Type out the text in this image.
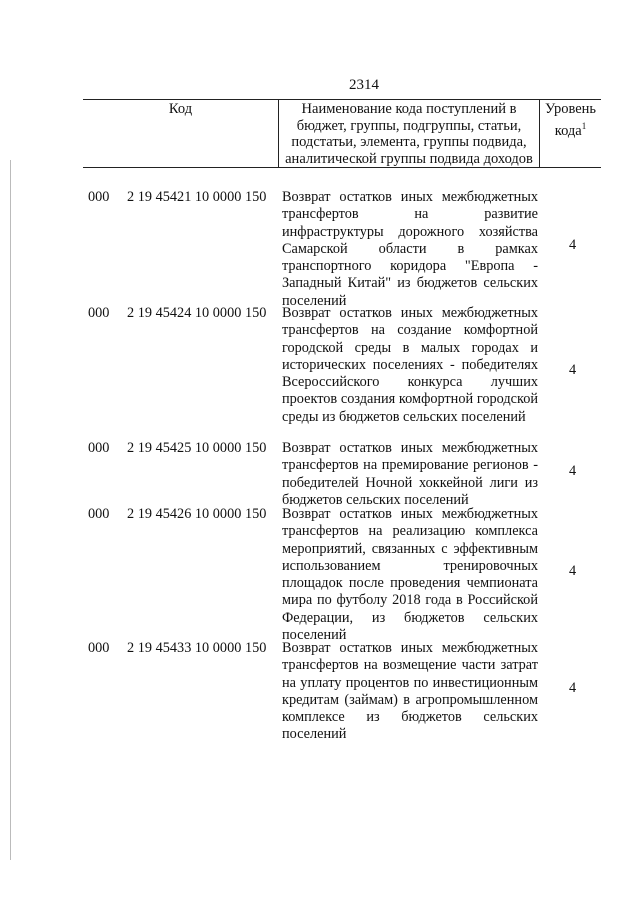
2314
Код	Наименование кода поступлений в
бюджет, группы, подгруппы, статьи,
подстатьи, элемента, группы подвида,
аналитической группы подвида доходов
Уровень
кода$^1$
000 2 19 45421 10 0000 150 Возврат остатков иных межбюджетных трансфертов на развитие инфраструктуры дорожного хозяйства Самарской области в рамках транспортного коридора "Европа - Западный Китай" из бюджетов сельских поселений
4
000 2 19 45424 10 0000 150 Возврат остатков иных межбюджетных трансфертов на создание комфортной городской среды в малых городах и исторических поселениях - победителях Всероссийского конкурса лучших проектов создания комфортной городской среды из бюджетов сельских поселений
4
000 2 19 45425 10 0000 150 Возврат остатков иных межбюджетных трансфертов на премирование регионов - победителей Ночной хоккейной лиги из бюджетов сельских поселений
4
000 2 19 45426 10 0000 150 Возврат остатков иных межбюджетных трансфертов на реализацию комплекса мероприятий, связанных с эффективным использованием тренировочных площадок после проведения чемпионата мира по футболу 2018 года в Российской Федерации, из бюджетов сельских поселений
4
000 2 19 45433 10 0000 150 Возврат остатков иных межбюджетных трансфертов на возмещение части затрат на уплату процентов по инвестиционным кредитам (займам) в агропромышленном комплексе из бюджетов сельских поселений
4
